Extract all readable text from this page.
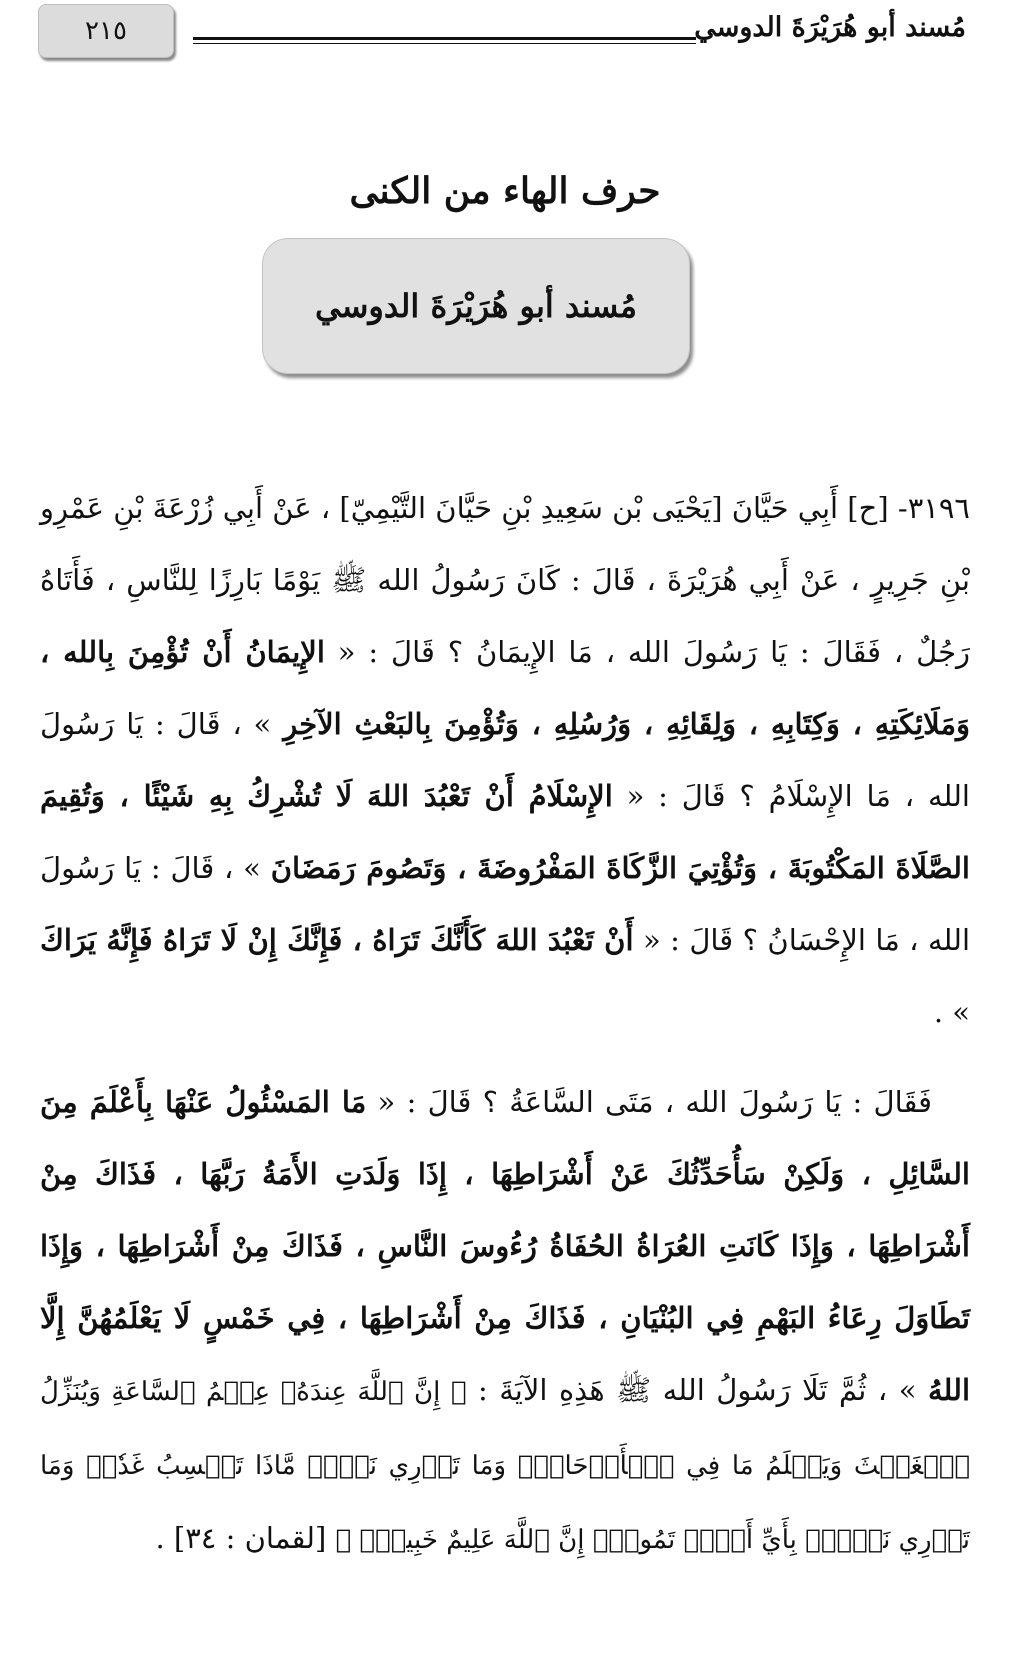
مُسند أبو هُرَيْرَةَ الدوسي
٢١٥
حرف الهاء من الكنى
مُسند أبو هُرَيْرَةَ الدوسي

٣١٩٦- [ح] أَبِي حَيَّانَ [يَحْيَى بْن سَعِيدِ بْنِ حَيَّانَ التَّيْمِيّ] ، عَنْ أَبِي زُرْعَةَ بْنِ عَمْرِو بْنِ جَرِيرٍ ، عَنْ أَبِي هُرَيْرَةَ ، قَالَ : كَانَ رَسُولُ الله ﷺ يَوْمًا بَارِزًا لِلنَّاسِ ، فَأَتَاهُ رَجُلٌ ، فَقَالَ : يَا رَسُولَ الله ، مَا الإِيمَانُ ؟ قَالَ : « الإِيمَانُ أَنْ تُؤْمِنَ بِالله ، وَمَلَائِكَتِهِ ، وَكِتَابِهِ ، وَلِقَائِهِ ، وَرُسُلِهِ ، وَتُؤْمِنَ بِالبَعْثِ الآخِرِ » ، قَالَ : يَا رَسُولَ الله ، مَا الإِسْلَامُ ؟ قَالَ : « الإِسْلَامُ أَنْ تَعْبُدَ اللهَ لَا تُشْرِكُ بِهِ شَيْئًا ، وَتُقِيمَ الصَّلَاةَ المَكْتُوبَةَ ، وَتُؤْتِيَ الزَّكَاةَ المَفْرُوضَةَ ، وَتَصُومَ رَمَضَانَ » ، قَالَ : يَا رَسُولَ الله ، مَا الإِحْسَانُ ؟ قَالَ : « أَنْ تَعْبُدَ اللهَ كَأَنَّكَ تَرَاهُ ، فَإِنَّكَ إِنْ لَا تَرَاهُ فَإِنَّهُ يَرَاكَ » .

فَقَالَ : يَا رَسُولَ الله ، مَتَى السَّاعَةُ ؟ قَالَ : « مَا المَسْئُولُ عَنْهَا بِأَعْلَمَ مِنَ السَّائِلِ ، وَلَكِنْ سَأُحَدِّثُكَ عَنْ أَشْرَاطِهَا ، إِذَا وَلَدَتِ الأَمَةُ رَبَّهَا ، فَذَاكَ مِنْ أَشْرَاطِهَا ، وَإِذَا كَانَتِ العُرَاةُ الحُفَاةُ رُءُوسَ النَّاسِ ، فَذَاكَ مِنْ أَشْرَاطِهَا ، وَإِذَا تَطَاوَلَ رِعَاءُ البَهْمِ فِي البُنْيَانِ ، فَذَاكَ مِنْ أَشْرَاطِهَا ، فِي خَمْسٍ لَا يَعْلَمُهُنَّ إِلَّا اللهُ » ، ثُمَّ تَلَا رَسُولُ الله ﷺ هَذِهِ الآيَةَ : ﴿ إِنَّ ٱللَّهَ عِندَهُۥ عِلۡمُ ٱلسَّاعَةِ وَيُنَزِّلُ ٱلۡغَيۡثَ وَيَعۡلَمُ مَا فِي ٱلۡأَرۡحَامِۖ وَمَا تَدۡرِي نَفۡسٞ مَّاذَا تَكۡسِبُ غَدٗاۖ وَمَا تَدۡرِي نَفۡسُۢ بِأَيِّ أَرۡضٖ تَمُوتُۚ إِنَّ ٱللَّهَ عَلِيمٌ خَبِيرُۢ ﴾ [لقمان : ٣٤] .
